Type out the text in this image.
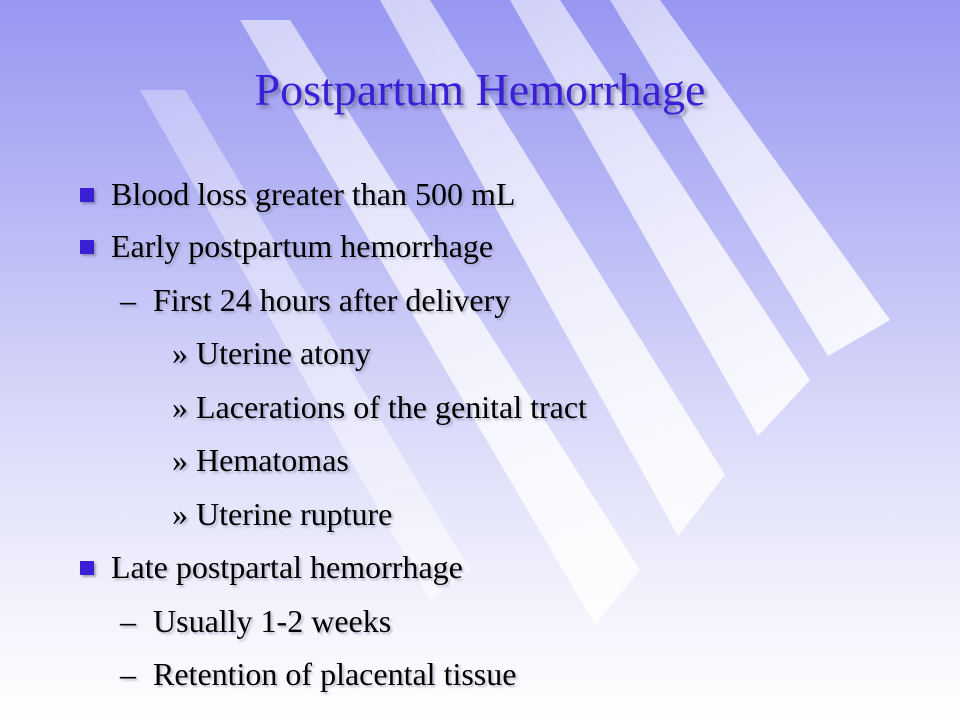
Postpartum Hemorrhage
Blood loss greater than 500 mL
Early postpartum hemorrhage
– First 24 hours after delivery
» Uterine atony
» Lacerations of the genital tract
» Hematomas
» Uterine rupture
Late postpartal hemorrhage
– Usually 1-2 weeks
– Retention of placental tissue
